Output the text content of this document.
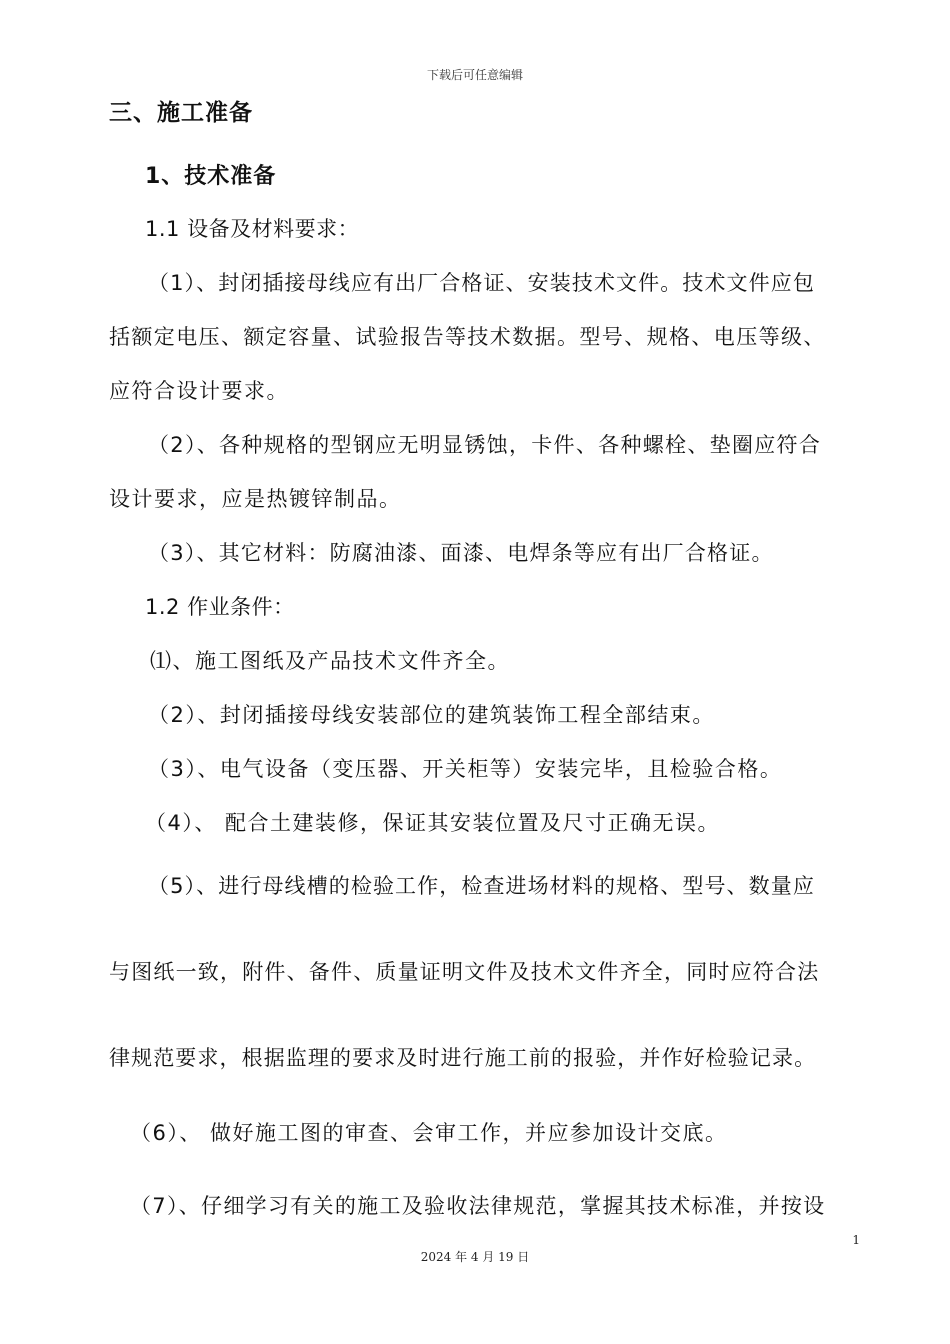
下载后可任意编辑
三、施工准备
1、技术准备
1.1 设备及材料要求：
（1）、封闭插接母线应有出厂合格证、安装技术文件。技术文件应包
括额定电压、额定容量、试验报告等技术数据。型号、规格、电压等级、
应符合设计要求。
（2）、各种规格的型钢应无明显锈蚀，卡件、各种螺栓、垫圈应符合
设计要求，应是热镀锌制品。
（3）、其它材料：防腐油漆、面漆、电焊条等应有出厂合格证。
1.2 作业条件：
⑴、施工图纸及产品技术文件齐全。
（2）、封闭插接母线安装部位的建筑装饰工程全部结束。
（3）、电气设备（变压器、开关柜等）安装完毕，且检验合格。
（4）、 配合土建装修，保证其安装位置及尺寸正确无误。
（5）、进行母线槽的检验工作，检查进场材料的规格、型号、数量应
与图纸一致，附件、备件、质量证明文件及技术文件齐全，同时应符合法
律规范要求，根据监理的要求及时进行施工前的报验，并作好检验记录。
（6）、 做好施工图的审查、会审工作，并应参加设计交底。
（7）、仔细学习有关的施工及验收法律规范，掌握其技术标准，并按设
1
2024 年 4 月 19 日
